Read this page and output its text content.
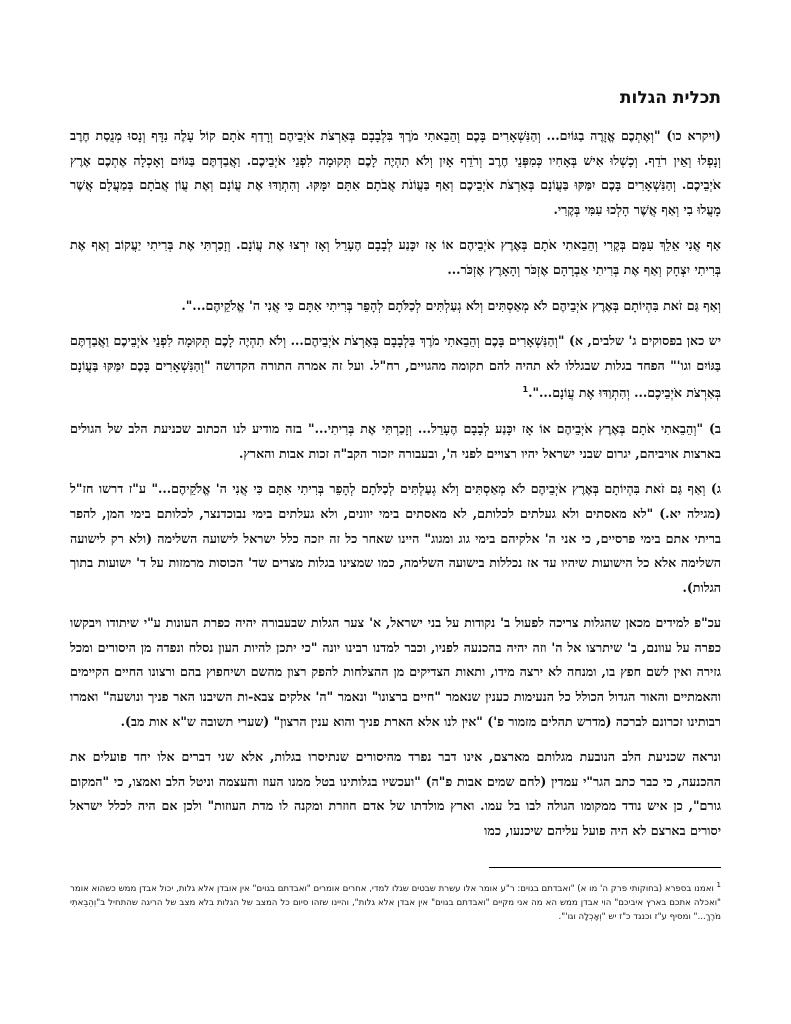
תכלית הגלות

(ויקרא כו) "וְאֶתְכֶם אֱזָרֶה בַגּוֹיִם... וְהַנִּשְׁאָרִים בָּכֶם וְהֵבֵאתִי מֹרֶךְ בִּלְבָבָם בְּאַרְצֹת אֹיְבֵיהֶם וְרָדַף אֹתָם קוֹל עָלֶה נִדָּף וְנָסוּ מְנֻסַת חֶרֶב וְנָפְלוּ וְאֵין רֹדֵף. וְכָשְׁלוּ אִישׁ בְּאָחִיו כְּמִפְּנֵי חֶרֶב וְרֹדֵף אָיִן וְלֹא תִהְיֶה לָכֶם תְּקוּמָה לִפְנֵי אֹיְבֵיכֶם. וַאֲבַדְתֶּם בַּגּוֹיִם וְאָכְלָה אֶתְכֶם אֶרֶץ אֹיְבֵיכֶם. וְהַנִּשְׁאָרִים בָּכֶם יִמַּקּוּ בַּעֲוֹנָם בְּאַרְצֹת אֹיְבֵיכֶם וְאַף בַּעֲוֹנֹת אֲבֹתָם אִתָּם יִמָּקּוּ. וְהִתְוַדּוּ אֶת עֲוֹנָם וְאֶת עֲוֹן אֲבֹתָם בְּמַעֲלָם אֲשֶׁר מָעֲלוּ בִי וְאַף אֲשֶׁר הָלְכוּ עִמִּי בְּקֶרִי.

אַף אֲנִי אֵלֵךְ עִמָּם בְּקֶרִי וְהֵבֵאתִי אֹתָם בְּאֶרֶץ אֹיְבֵיהֶם אוֹ אָז יִכָּנַע לְבָבָם הֶעָרֵל וְאָז יִרְצוּ אֶת עֲוֹנָם. וְזָכַרְתִּי אֶת בְּרִיתִי יַעֲקוֹב וְאַף אֶת בְּרִיתִי יִצְחָק וְאַף אֶת בְּרִיתִי אַבְרָהָם אֶזְכֹּר וְהָאָרֶץ אֶזְכֹּר...

וְאַף גַּם זֹאת בִּהְיוֹתָם בְּאֶרֶץ אֹיְבֵיהֶם לֹא מְאַסְתִּים וְלֹא גְעַלְתִּים לְכַלֹּתָם לְהָפֵר בְּרִיתִי אִתָּם כִּי אֲנִי ה' אֱלֹקֵיהֶם...".

יש כאן בפסוקים ג' שלבים, א) "וְהַנִּשְׁאָרִים בָּכֶם וְהֵבֵאתִי מֹרֶךְ בִּלְבָבָם בְּאַרְצֹת אֹיְבֵיהֶם... וְלֹא תִהְיֶה לָכֶם תְּקוּמָה לִפְנֵי אֹיְבֵיכֶם וַאֲבַדְתֶּם בַּגּוֹיִם וגו'" הפחד בגלות שבגללו לא תהיה להם תקומה מהגויים, רח"ל. ועל זה אמרה התורה הקדושה "וְהַנִּשְׁאָרִים בָּכֶם יִמַּקּוּ בַּעֲוֹנָם בְּאַרְצֹת אֹיְבֵיכֶם... וְהִתְוַדּוּ אֶת עֲוֹנָם...".$^1$

ב) "וְהֵבֵאתִי אֹתָם בְּאֶרֶץ אֹיְבֵיהֶם אוֹ אָז יִכָּנַע לְבָבָם הֶעָרֵל... וְזָכַרְתִּי אֶת בְּרִיתִי..." בזה מודיע לנו הכתוב שכניעת הלב של הגולים בארצות אויביהם, יגרום שבני ישראל יהיו רצויים לפני ה', ובעבורה יזכור הקב"ה זכות אבות והארץ.

ג) וְאַף גַּם זֹאת בִּהְיוֹתָם בְּאֶרֶץ אֹיְבֵיהֶם לֹא מְאַסְתִּים וְלֹא גְעַלְתִּים לְכַלֹּתָם לְהָפֵר בְּרִיתִי אִתָּם כִּי אֲנִי ה' אֱלֹקֵיהֶם..." ע"ז דרשו חז"ל (מגילה יא.) "לא מאסתים ולא געלתים לכלותם, לא מאסתים בימי יוונים, ולא געלתים בימי נבוכדנצר, לכלותם בימי המן, להפר בריתי אתם בימי פרסיים, כי אני ה' אלקיהם בימי גוג ומגוג" היינו שאחר כל זה יזכה כלל ישראל לישועה השלימה (ולא רק לישועה השלימה אלא כל הישועות שיהיו עד אז נכללות בישועה השלימה, כמו שמצינו בגלות מצרים שד' הכוסות מרמזות על ד' ישועות בתוך הגלות).

עכ"פ למידים מכאן שהגלות צריכה לפעול ב' נקודות על בני ישראל, א' צער הגלות שבעבורה יהיה כפרת העונות ע"י שיתודו ויבקשו כפרה על עוונם, ב' שיתרצו אל ה' וזה יהיה בהכנעה לפניו, וכבר למדנו רבינו יונה "כי יתכן להיות העון נסלח ונפדה מן היסורים ומכל גזירה ואין לשם חפץ בו, ומנחה לא ירצה מידו, ותאות הצדיקים מן ההצלחות להפק רצון מהשם ושיחפוץ בהם ורצונו החיים הקיימים והאמתיים והאור הגדול הכולל כל הנעימות כענין שנאמר "חיים ברצונו" ונאמר "ה' אלקים צבא-ות השיבנו האר פניך ונושעה" ואמרו רבותינו זכרונם לברכה (מדרש תהלים מזמור פ') "אין לנו אלא הארת פניך והוא ענין הרצון" (שערי תשובה ש"א אות מב).

ונראה שכניעת הלב הנובעת מגלותם מארצם, אינו דבר נפרד מהיסורים שנתיסרו בגלות, אלא שני דברים אלו יחד פועלים את ההכנעה, כי כבר כתב הגר"י עמדין (לחם שמים אבות פ"ה) "ועכשיו בגלותינו בטל ממנו העוז והעצמה וניטל הלב ואמצו, כי "המקום גורם", כן איש נודד ממקומו הגולה לבו בל עמו. וארץ מולדתו של אדם חוזרת ומקנה לו מדת העוזות" ולכן אם היה לכלל ישראל יסורים בארצם לא היה פועל עליהם שיכנעו, כמו

$^1$ ואמנו בספרא (בחוקותי פרק ה' מו א) "ואבדתם בגוים: ר"ע אומר אלו עשרת שבטים שגלו למדי, אחרים אומרים "ואבדתם בגוים" אין אובדן אלא גלות, יכול אבדן ממש כשהוא אומר "ואכלה אתכם בארץ איביכם" הוי אבדן ממש הא מה אני מקיים "ואבדתם בגוים" אין אבדן אלא גלות", והיינו שזהו סיום כל המצב של הגלות בלא מצב של הריגה שהתחיל ב"וְהֵבֵאתִי מֹרֶךְ..." ומסיף ע"ז וכנגד כ"ז יש "וְאָכְלָה וגו'".
